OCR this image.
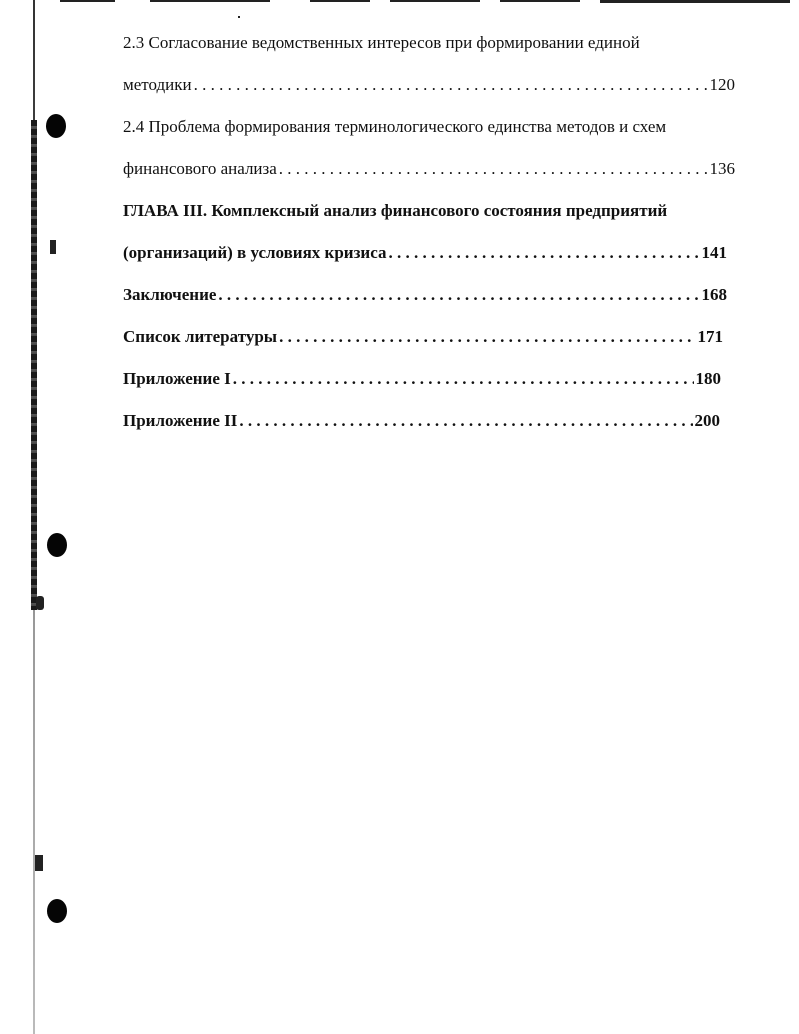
2.3 Согласование ведомственных интересов при формировании единой
методики . . .	120
2.4 Проблема формирования терминологического единства методов и схем
финансового анализа . . .	136
ГЛАВА III. Комплексный анализ финансового состояния предприятий
(организаций) в условиях кризиса . . .	141
Заключение . . .	168
Список литературы . . .	171
Приложение I . . .	180
Приложение II . . .	200
